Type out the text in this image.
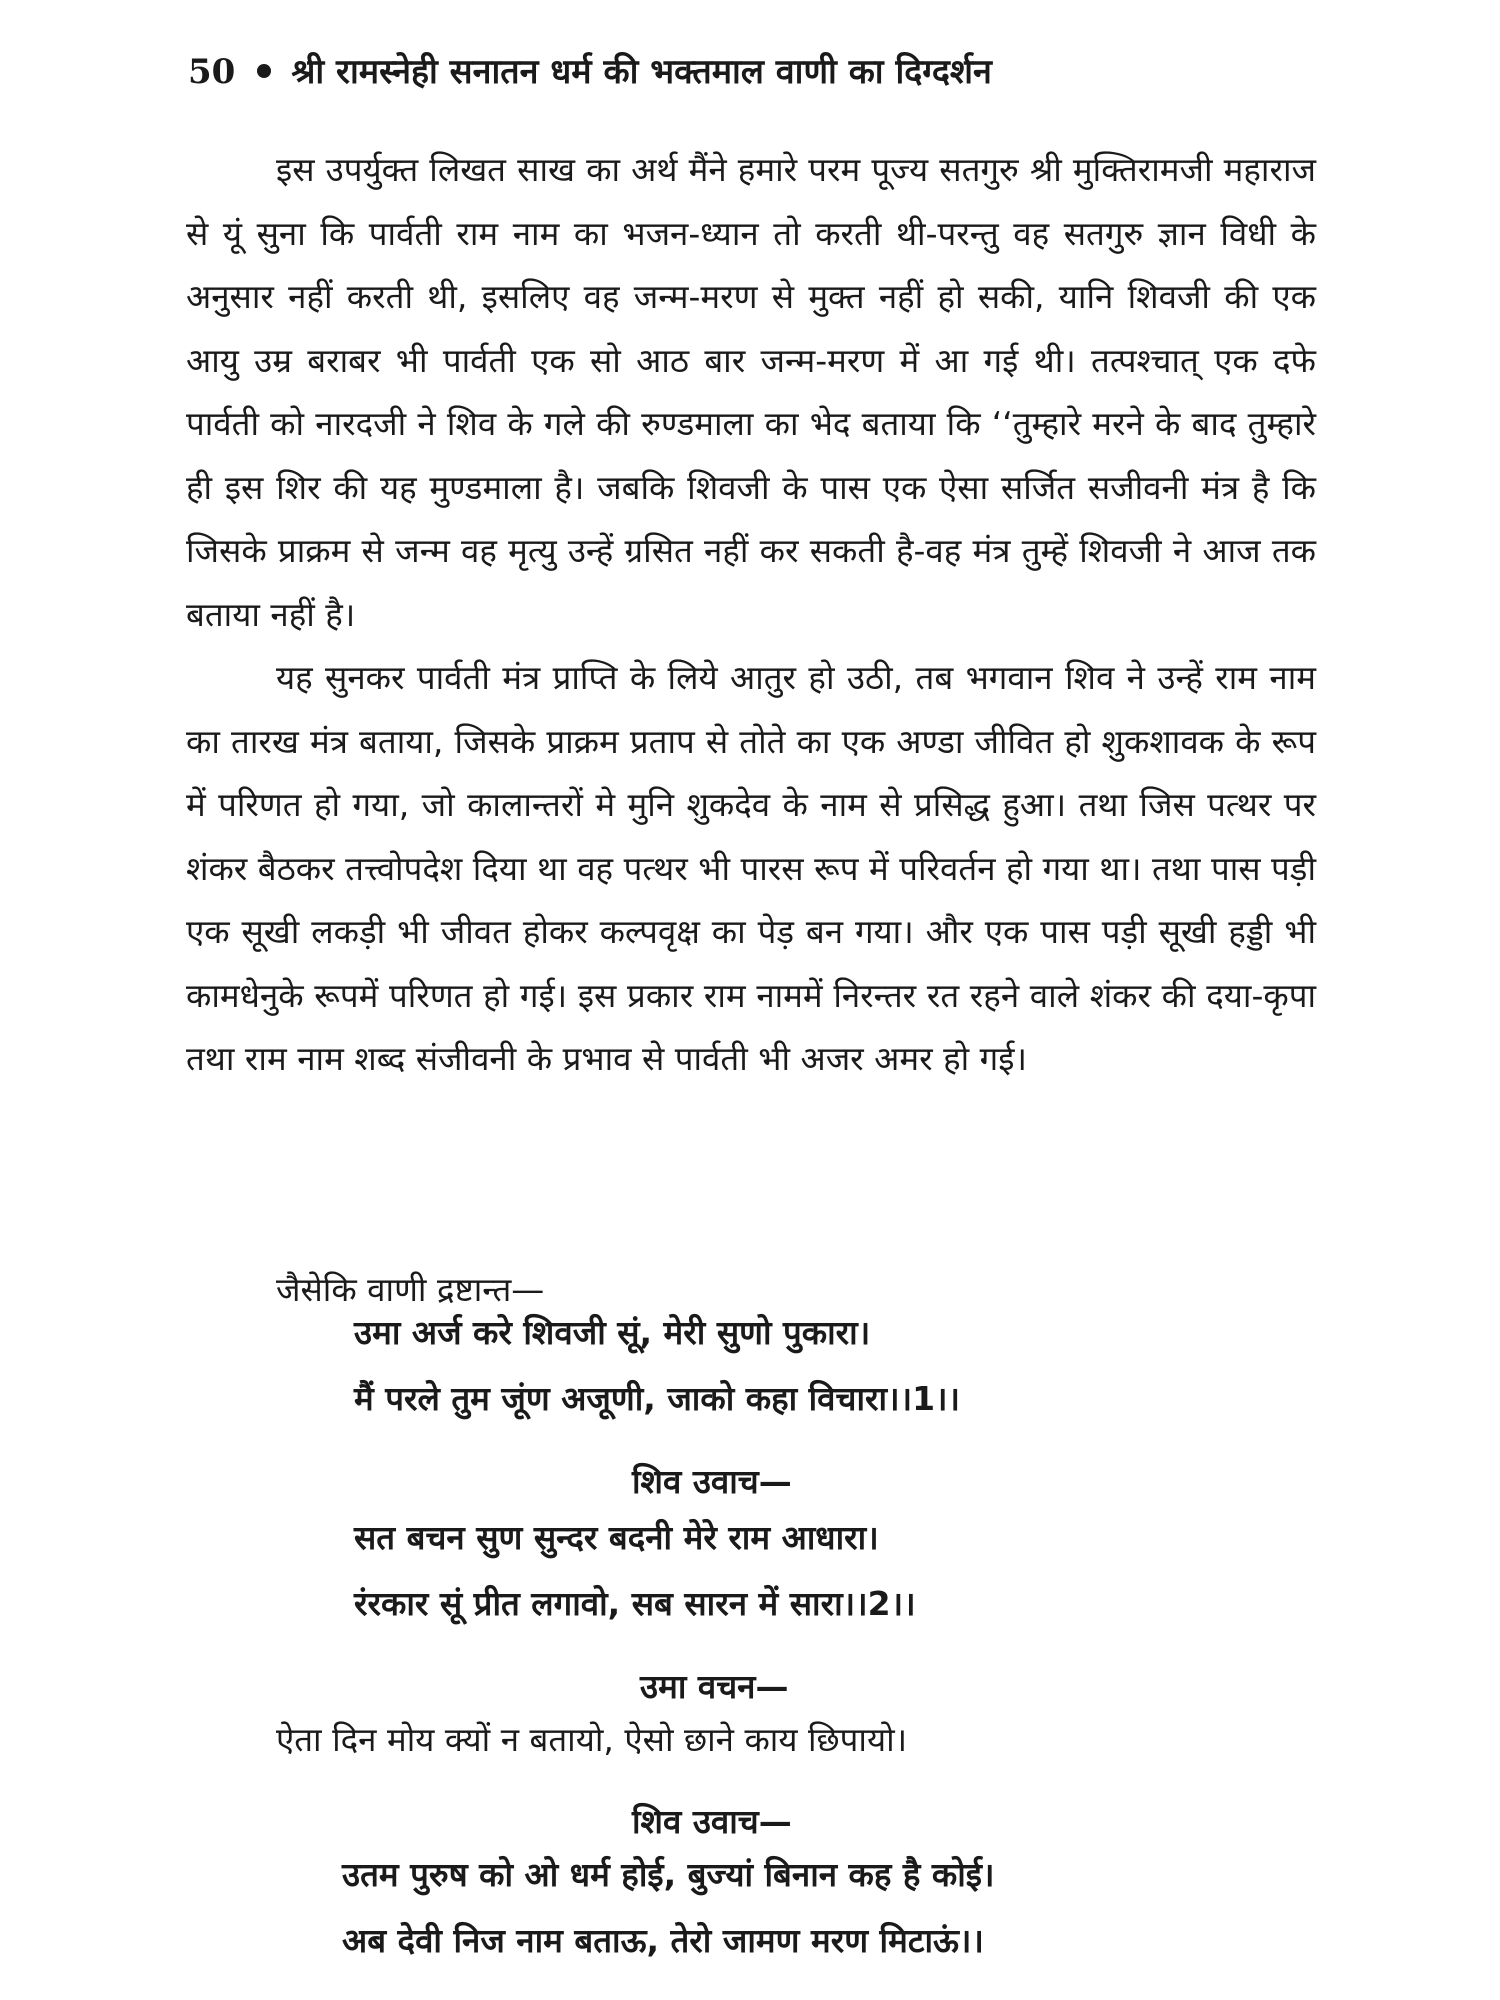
50 श्री रामस्नेही सनातन धर्म की भक्तमाल वाणी का दिग्दर्शन

इस उपर्युक्त लिखत साख का अर्थ मैंने हमारे परम पूज्य सतगुरु श्री मुक्तिरामजी महाराज से यूं सुना कि पार्वती राम नाम का भजन-ध्यान तो करती थी-परन्तु वह सतगुरु ज्ञान विधी के अनुसार नहीं करती थी, इसलिए वह जन्म-मरण से मुक्त नहीं हो सकी, यानि शिवजी की एक आयु उम्र बराबर भी पार्वती एक सो आठ बार जन्म-मरण में आ गई थी। तत्पश्चात् एक दफे पार्वती को नारदजी ने शिव के गले की रुण्डमाला का भेद बताया कि ‘‘तुम्हारे मरने के बाद तुम्हारे ही इस शिर की यह मुण्डमाला है। जबकि शिवजी के पास एक ऐसा सर्जित सजीवनी मंत्र है कि जिसके प्राक्रम से जन्म वह मृत्यु उन्हें ग्रसित नहीं कर सकती है-वह मंत्र तुम्हें शिवजी ने आज तक बताया नहीं है।

यह सुनकर पार्वती मंत्र प्राप्ति के लिये आतुर हो उठी, तब भगवान शिव ने उन्हें राम नाम का तारख मंत्र बताया, जिसके प्राक्रम प्रताप से तोते का एक अण्डा जीवित हो शुकशावक के रूप में परिणत हो गया, जो कालान्तरों मे मुनि शुकदेव के नाम से प्रसिद्ध हुआ। तथा जिस पत्थर पर शंकर बैठकर तत्त्वोपदेश दिया था वह पत्थर भी पारस रूप में परिवर्तन हो गया था। तथा पास पड़ी एक सूखी लकड़ी भी जीवत होकर कल्पवृक्ष का पेड़ बन गया। और एक पास पड़ी सूखी हड्डी भी कामधेनुके रूपमें परिणत हो गई। इस प्रकार राम नाममें निरन्तर रत रहने वाले शंकर की दया-कृपा तथा राम नाम शब्द संजीवनी के प्रभाव से पार्वती भी अजर अमर हो गई।

जैसेकि वाणी द्रष्टान्त—
उमा अर्ज करे शिवजी सूं, मेरी सुणो पुकारा।
मैं परले तुम जूंण अजूणी, जाको कहा विचारा।।1।।
शिव उवाच—
सत बचन सुण सुन्दर बदनी मेरे राम आधारा।
रंरकार सूं प्रीत लगावो, सब सारन में सारा।।2।।
उमा वचन—
ऐता दिन मोय क्यों न बतायो, ऐसो छाने काय छिपायो।
शिव उवाच—
उतम पुरुष को ओ धर्म होई, बुज्यां बिनान कह है कोई।
अब देवी निज नाम बताऊ, तेरो जामण मरण मिटाऊं।।
